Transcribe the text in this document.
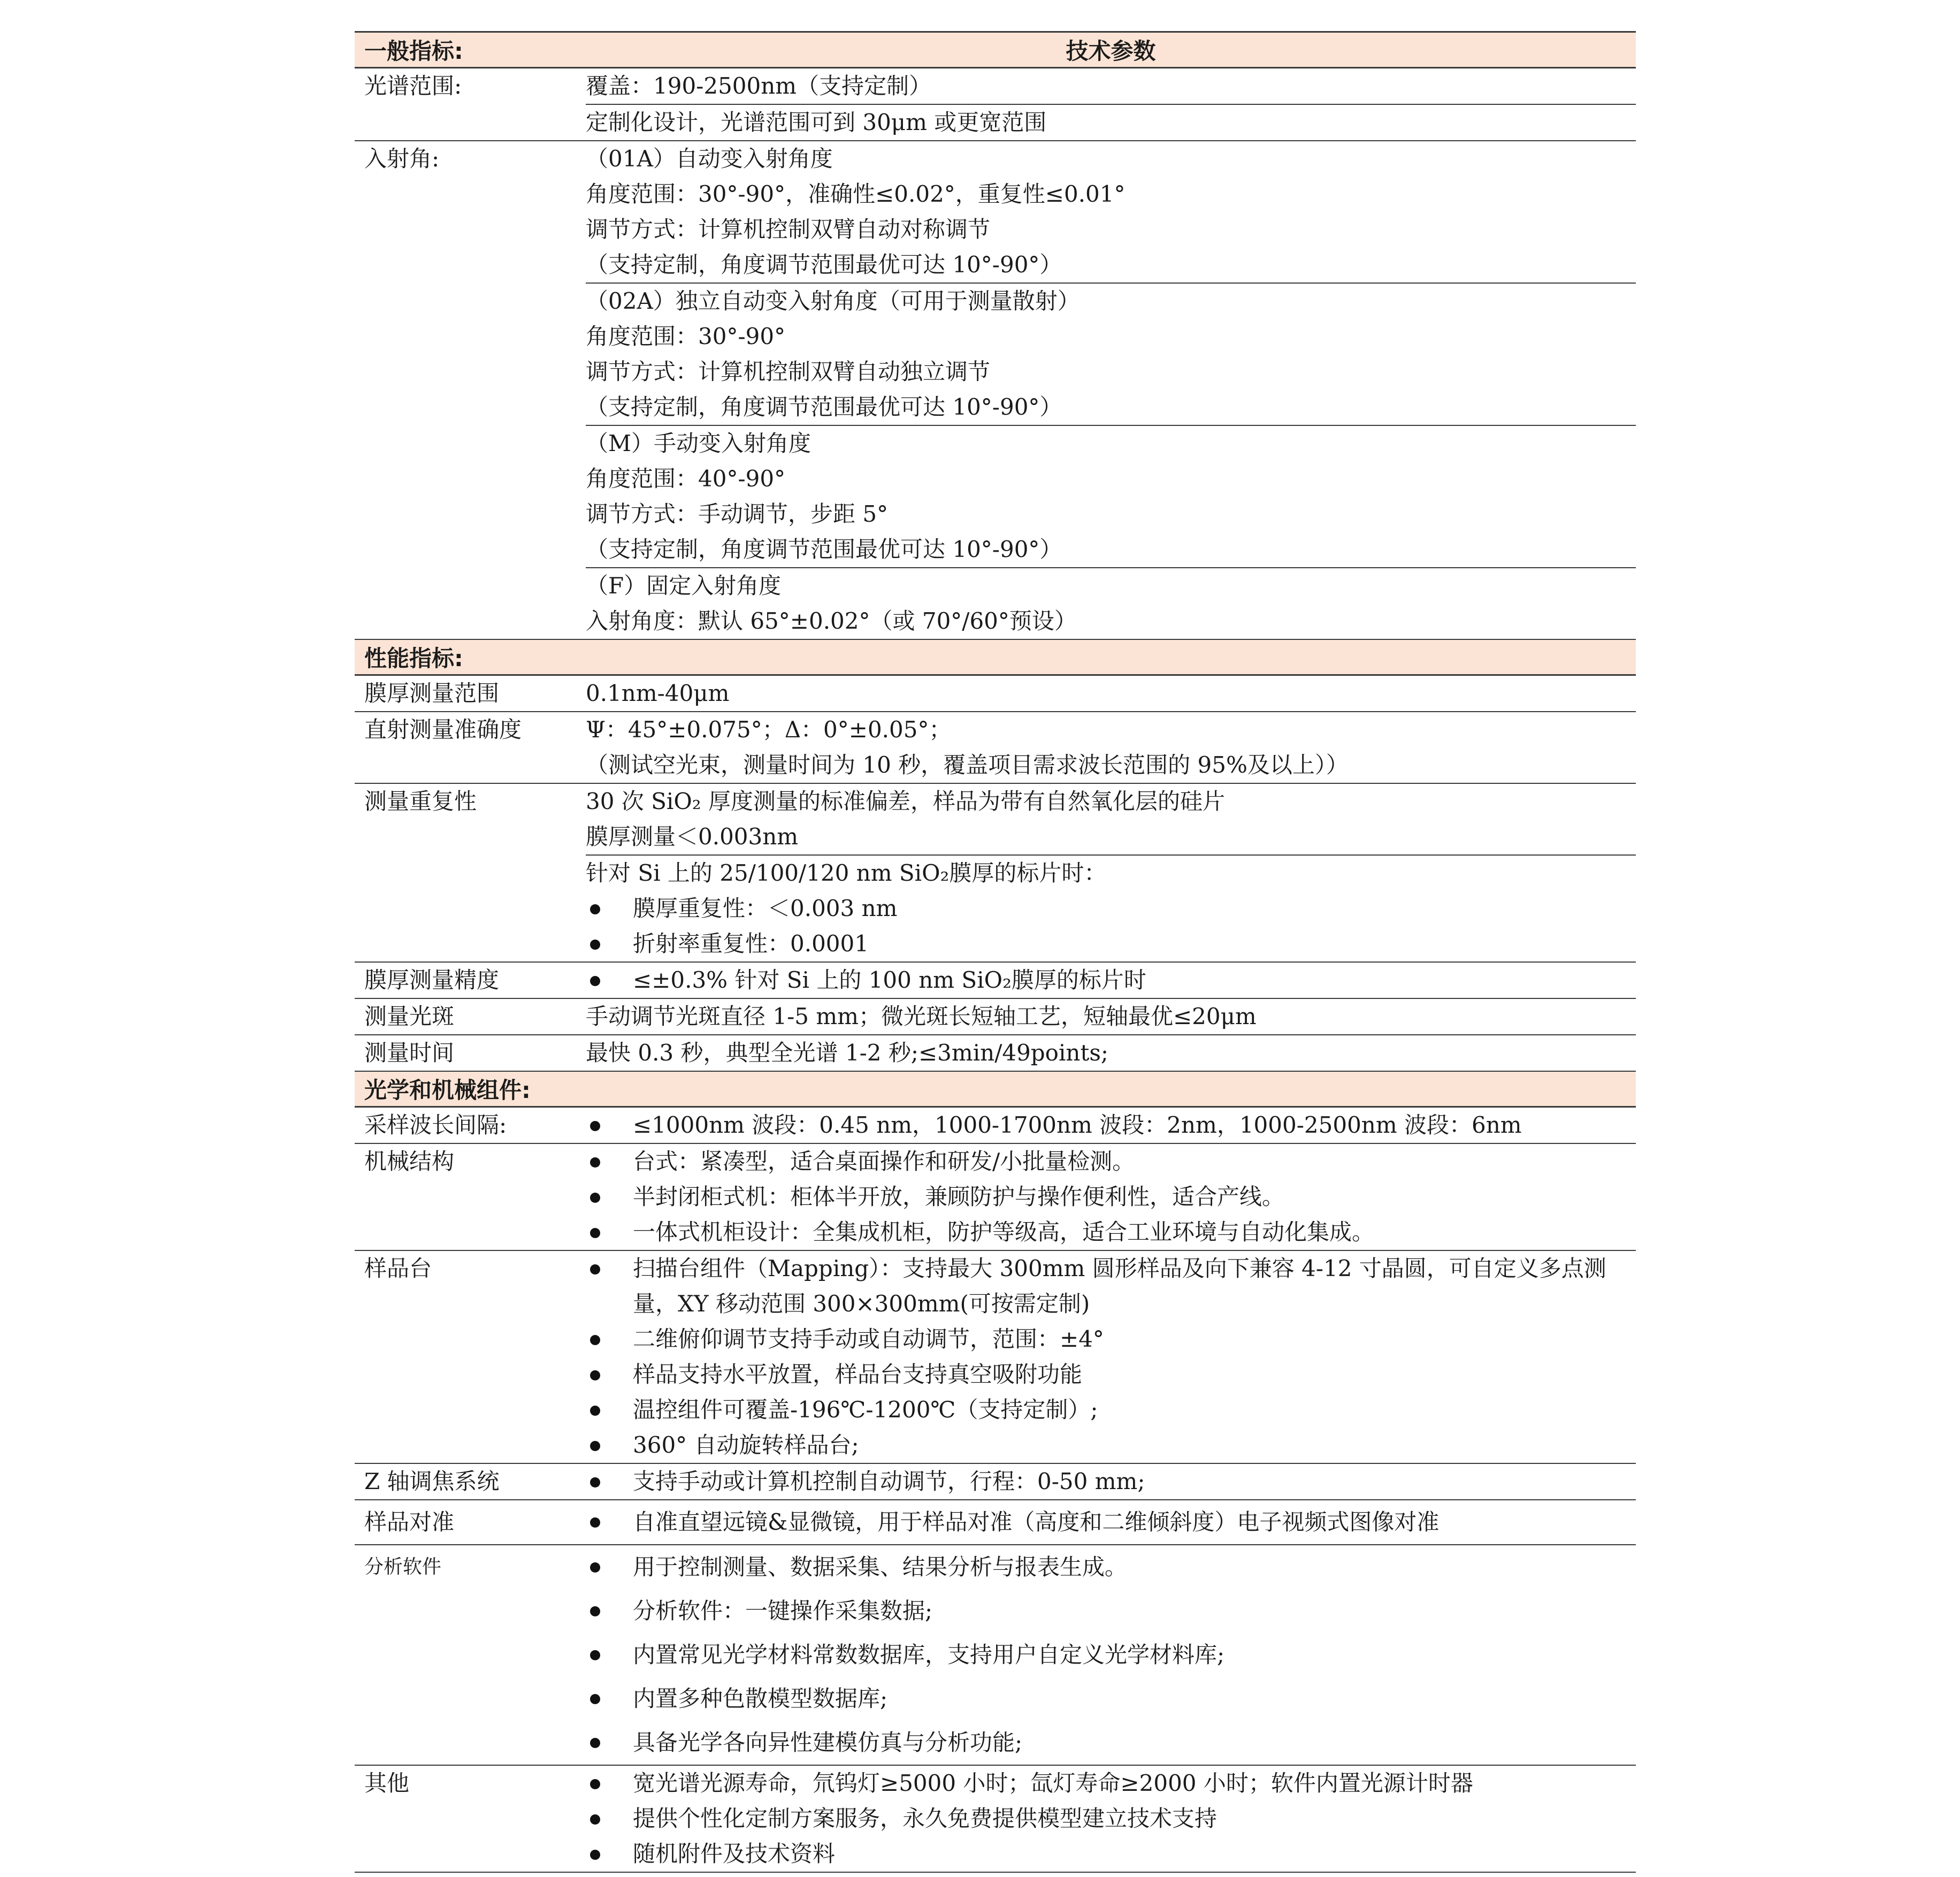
一般指标:	技术参数
光谱范围:	覆盖：190-2500nm（支持定制）
定制化设计，光谱范围可到 30μm 或更宽范围
入射角:	（01A）自动变入射角度
角度范围：30°-90°，准确性≤0.02°，重复性≤0.01°
调节方式：计算机控制双臂自动对称调节
（支持定制，角度调节范围最优可达 10°-90°）
（02A）独立自动变入射角度（可用于测量散射）
角度范围：30°-90°
调节方式：计算机控制双臂自动独立调节
（支持定制，角度调节范围最优可达 10°-90°）
（M）手动变入射角度
角度范围：40°-90°
调节方式：手动调节，步距 5°
（支持定制，角度调节范围最优可达 10°-90°）
（F）固定入射角度
入射角度：默认 65°±0.02°（或 70°/60°预设）
性能指标:
膜厚测量范围	0.1nm-40μm
直射测量准确度	Ψ：45°±0.075°；Δ：0°±0.05°；
（测试空光束，测量时间为 10 秒，覆盖项目需求波长范围的 95%及以上））
测量重复性	30 次 SiO₂ 厚度测量的标准偏差，样品为带有自然氧化层的硅片
膜厚测量＜0.003nm
针对 Si 上的 25/100/120 nm SiO₂膜厚的标片时：
膜厚重复性：＜0.003 nm
折射率重复性：0.0001
膜厚测量精度	≤±0.3% 针对 Si 上的 100 nm SiO₂膜厚的标片时
测量光斑	手动调节光斑直径 1-5 mm；微光斑长短轴工艺，短轴最优≤20μm
测量时间	最快 0.3 秒，典型全光谱 1-2 秒;≤3min/49points;
光学和机械组件:
采样波长间隔:	≤1000nm 波段：0.45 nm，1000-1700nm 波段：2nm，1000-2500nm 波段：6nm
机械结构	台式：紧凑型，适合桌面操作和研发/小批量检测。
半封闭柜式机：柜体半开放，兼顾防护与操作便利性，适合产线。
一体式机柜设计：全集成机柜，防护等级高，适合工业环境与自动化集成。
样品台	扫描台组件（Mapping）：支持最大 300mm 圆形样品及向下兼容 4-12 寸晶圆，可自定义多点测量，XY 移动范围 300×300mm(可按需定制)
二维俯仰调节支持手动或自动调节，范围：±4°
样品支持水平放置，样品台支持真空吸附功能
温控组件可覆盖-196℃-1200℃（支持定制）;
360° 自动旋转样品台;
Z 轴调焦系统	支持手动或计算机控制自动调节，行程：0-50 mm;
样品对准	自准直望远镜&显微镜，用于样品对准（高度和二维倾斜度）电子视频式图像对准
分析软件	用于控制测量、数据采集、结果分析与报表生成。
分析软件：一键操作采集数据;
内置常见光学材料常数数据库，支持用户自定义光学材料库;
内置多种色散模型数据库;
具备光学各向异性建模仿真与分析功能;
其他	宽光谱光源寿命，氘钨灯≥5000 小时；氙灯寿命≥2000 小时；软件内置光源计时器
提供个性化定制方案服务，永久免费提供模型建立技术支持
随机附件及技术资料
